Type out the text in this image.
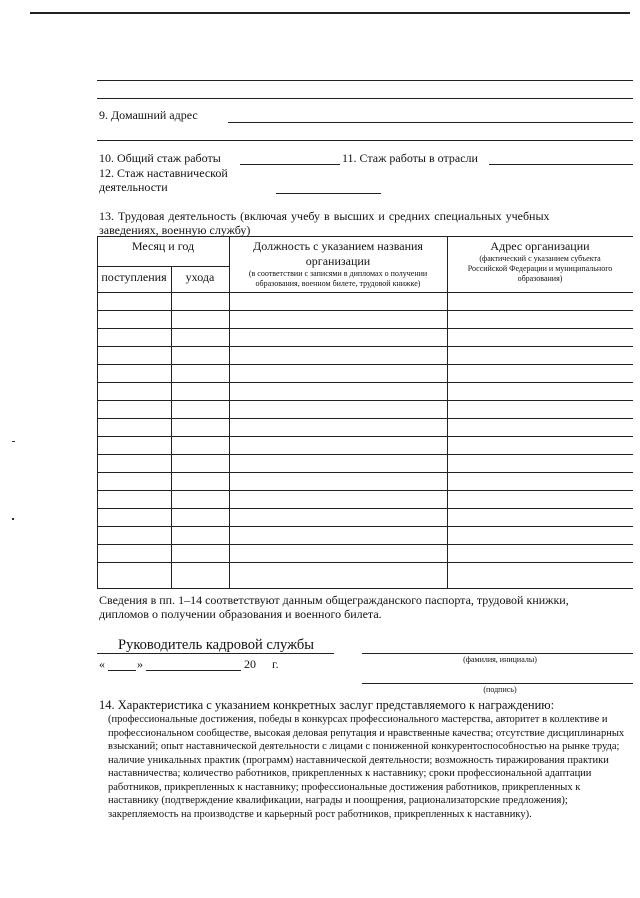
9. Домашний адрес
10. Общий стаж работы	11. Стаж работы в отрасли
12. Стаж наставнической
деятельности
13. Трудовая деятельность (включая учебу в высших и средних специальных учебных
заведениях, военную службу)
Месяц и год
поступления	ухода
Должность с указанием названия
организации
(в соответствии с записями в дипломах о получении
образования, военном билете, трудовой книжке)
Адрес организации
(фактический с указанием субъекта
Российской Федерации и муниципального
образования)
Сведения в пп. 1–14 соответствуют данным общегражданского паспорта, трудовой книжки,
дипломов о получении образования и военного билета.
Руководитель кадровой службы
(фамилия, инициалы)
«	»	20 г.
(подпись)
14. Характеристика с указанием конкретных заслуг представляемого к награждению:
(профессиональные достижения, победы в конкурсах профессионального мастерства, авторитет в коллективе и
профессиональном сообществе, высокая деловая репутация и нравственные качества; отсутствие дисциплинарных
взысканий; опыт наставнической деятельности с лицами с пониженной конкурентоспособностью на рынке труда;
наличие уникальных практик (программ) наставнической деятельности; возможность тиражирования практики
наставничества; количество работников, прикрепленных к наставнику; сроки профессиональной адаптации
работников, прикрепленных к наставнику; профессиональные достижения работников, прикрепленных к
наставнику (подтверждение квалификации, награды и поощрения, рационализаторские предложения);
закрепляемость на производстве и карьерный рост работников, прикрепленных к наставнику).
